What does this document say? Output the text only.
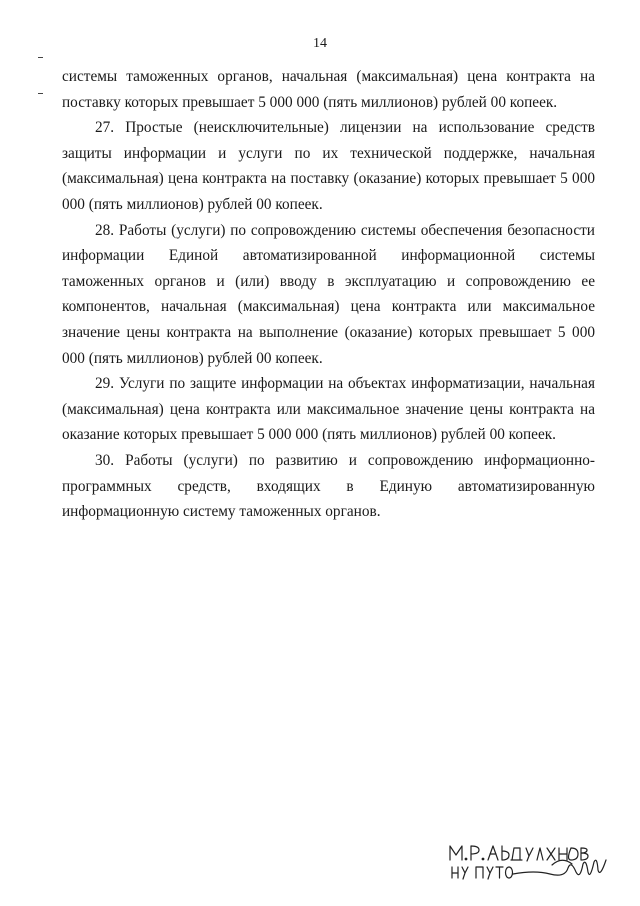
14

системы таможенных органов, начальная (максимальная) цена контракта на поставку которых превышает 5 000 000 (пять миллионов) рублей 00 копеек.

27. Простые (неисключительные) лицензии на использование средств защиты информации и услуги по их технической поддержке, начальная (максимальная) цена контракта на поставку (оказание) которых превышает 5 000 000 (пять миллионов) рублей 00 копеек.

28. Работы (услуги) по сопровождению системы обеспечения безопасности информации Единой автоматизированной информационной системы таможенных органов и (или) вводу в эксплуатацию и сопровождению ее компонентов, начальная (максимальная) цена контракта или максимальное значение цены контракта на выполнение (оказание) которых превышает 5 000 000 (пять миллионов) рублей 00 копеек.

29. Услуги по защите информации на объектах информатизации, начальная (максимальная) цена контракта или максимальное значение цены контракта на оказание которых превышает 5 000 000 (пять миллионов) рублей 00 копеек.

30. Работы (услуги) по развитию и сопровождению информационно-программных средств, входящих в Единую автоматизированную информационную систему таможенных органов.
